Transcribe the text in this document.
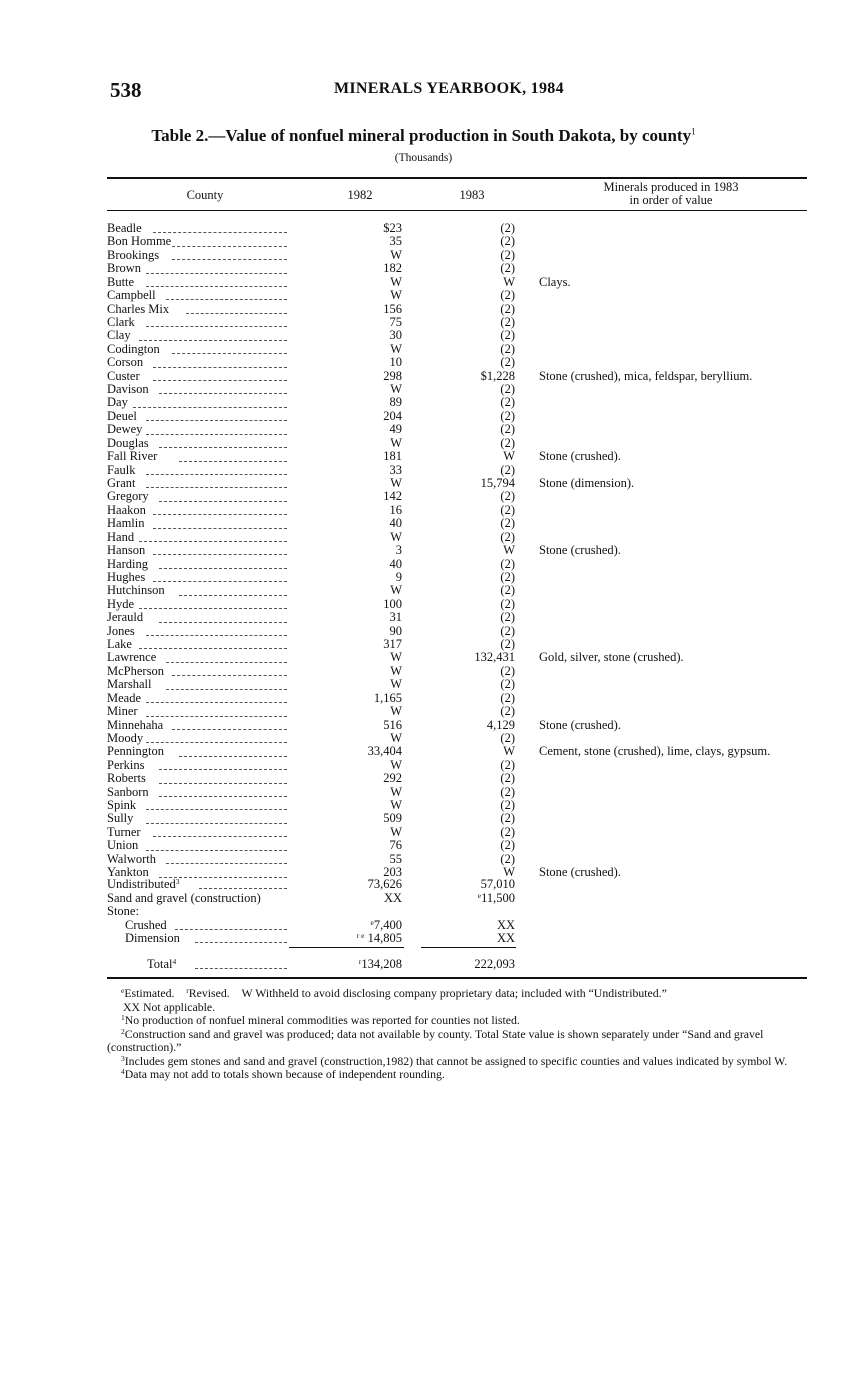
538	MINERALS YEARBOOK, 1984
Table 2.—Value of nonfuel mineral production in South Dakota, by county$^1$
(Thousands)
County	1982	1983
Minerals produced in 1983
in order of value
Beadle	$23	(2)
Bon Homme	35	(2)
Brookings	W	(2)
Brown	182	(2)
Butte	W	W Clays.
Campbell	W	(2)
Charles Mix	156	(2)
Clark	75	(2)
Clay	30	(2)
Codington	W	(2)
Corson	10	(2)
Custer	298	$1,228 Stone (crushed), mica, feldspar, beryllium.
Davison	W	(2)
Day	89	(2)
Deuel	204	(2)
Dewey	49	(2)
Douglas	W	(2)
Fall River	181	W Stone (crushed).
Faulk	33	(2)
Grant	W	15,794 Stone (dimension).
Gregory	142	(2)
Haakon	16	(2)
Hamlin	40	(2)
Hand	W	(2)
Hanson	3	W Stone (crushed).
Harding	40	(2)
Hughes	9	(2)
Hutchinson	W	(2)
Hyde	100	(2)
Jerauld	31	(2)
Jones	90	(2)
Lake	317	(2)
Lawrence	W	132,431 Gold, silver, stone (crushed).
McPherson	W	(2)
Marshall	W	(2)
Meade	1,165	(2)
Miner	W	(2)
Minnehaha	516	4,129 Stone (crushed).
Moody	W	(2)
Pennington	33,404	W Cement, stone (crushed), lime, clays, gypsum.
Perkins	W	(2)
Roberts	292	(2)
Sanborn	W	(2)
Spink	W	(2)
Sully	509	(2)
Turner	W	(2)
Union	76	(2)
Walworth	55	(2)
Yankton	203	W Stone (crushed).
Undistributed$^3$	73,626	57,010
Sand and gravel (construction)	XX	$^e$11,500
Stone:
Crushed	$^e$7,400	XX
Dimension	$^{r e}$ 14,805	XX
Total$^4$	$^r$134,208	222,093

$^e$Estimated. $^r$Revised. W Withheld to avoid disclosing company proprietary data; included with “Undistributed.”

XX Not applicable.

$^1$No production of nonfuel mineral commodities was reported for counties not listed.

$^2$Construction sand and gravel was produced; data not available by county. Total State value is shown separately under “Sand and gravel (construction).”

$^3$Includes gem stones and sand and gravel (construction,1982) that cannot be assigned to specific counties and values indicated by symbol W.

$^4$Data may not add to totals shown because of independent rounding.
